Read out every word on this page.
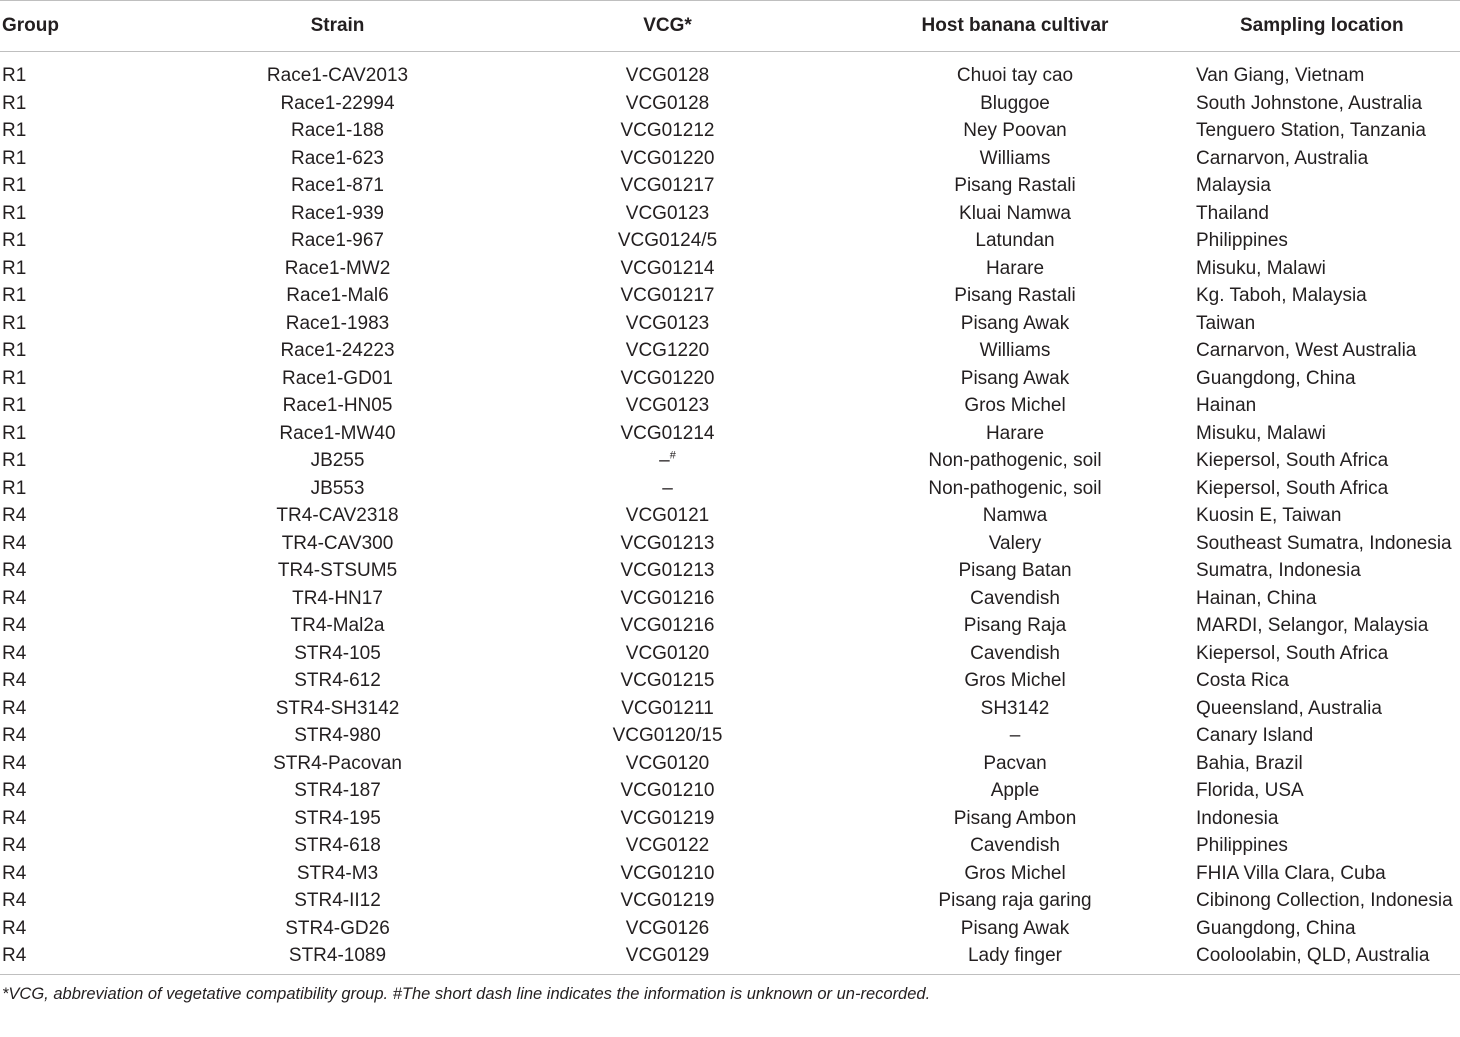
Group	Strain	VCG*	Host banana cultivar	Sampling location
R1	Race1-CAV2013	VCG0128	Chuoi tay cao	Van Giang, Vietnam
R1	Race1-22994	VCG0128	Bluggoe	South Johnstone, Australia
R1	Race1-188	VCG01212	Ney Poovan	Tenguero Station, Tanzania
R1	Race1-623	VCG01220	Williams	Carnarvon, Australia
R1	Race1-871	VCG01217	Pisang Rastali	Malaysia
R1	Race1-939	VCG0123	Kluai Namwa	Thailand
R1	Race1-967	VCG0124/5	Latundan	Philippines
R1	Race1-MW2	VCG01214	Harare	Misuku, Malawi
R1	Race1-Mal6	VCG01217	Pisang Rastali	Kg. Taboh, Malaysia
R1	Race1-1983	VCG0123	Pisang Awak	Taiwan
R1	Race1-24223	VCG1220	Williams	Carnarvon, West Australia
R1	Race1-GD01	VCG01220	Pisang Awak	Guangdong, China
R1	Race1-HN05	VCG0123	Gros Michel	Hainan
R1	Race1-MW40	VCG01214	Harare	Misuku, Malawi
R1	JB255	–#	Non-pathogenic, soil	Kiepersol, South Africa
R1	JB553	–	Non-pathogenic, soil	Kiepersol, South Africa
R4	TR4-CAV2318	VCG0121	Namwa	Kuosin E, Taiwan
R4	TR4-CAV300	VCG01213	Valery	Southeast Sumatra, Indonesia
R4	TR4-STSUM5	VCG01213	Pisang Batan	Sumatra, Indonesia
R4	TR4-HN17	VCG01216	Cavendish	Hainan, China
R4	TR4-Mal2a	VCG01216	Pisang Raja	MARDI, Selangor, Malaysia
R4	STR4-105	VCG0120	Cavendish	Kiepersol, South Africa
R4	STR4-612	VCG01215	Gros Michel	Costa Rica
R4	STR4-SH3142	VCG01211	SH3142	Queensland, Australia
R4	STR4-980	VCG0120/15	–	Canary Island
R4	STR4-Pacovan	VCG0120	Pacvan	Bahia, Brazil
R4	STR4-187	VCG01210	Apple	Florida, USA
R4	STR4-195	VCG01219	Pisang Ambon	Indonesia
R4	STR4-618	VCG0122	Cavendish	Philippines
R4	STR4-M3	VCG01210	Gros Michel	FHIA Villa Clara, Cuba
R4	STR4-II12	VCG01219	Pisang raja garing	Cibinong Collection, Indonesia
R4	STR4-GD26	VCG0126	Pisang Awak	Guangdong, China
R4	STR4-1089	VCG0129	Lady finger	Cooloolabin, QLD, Australia
*VCG, abbreviation of vegetative compatibility group. #The short dash line indicates the information is unknown or un-recorded.
